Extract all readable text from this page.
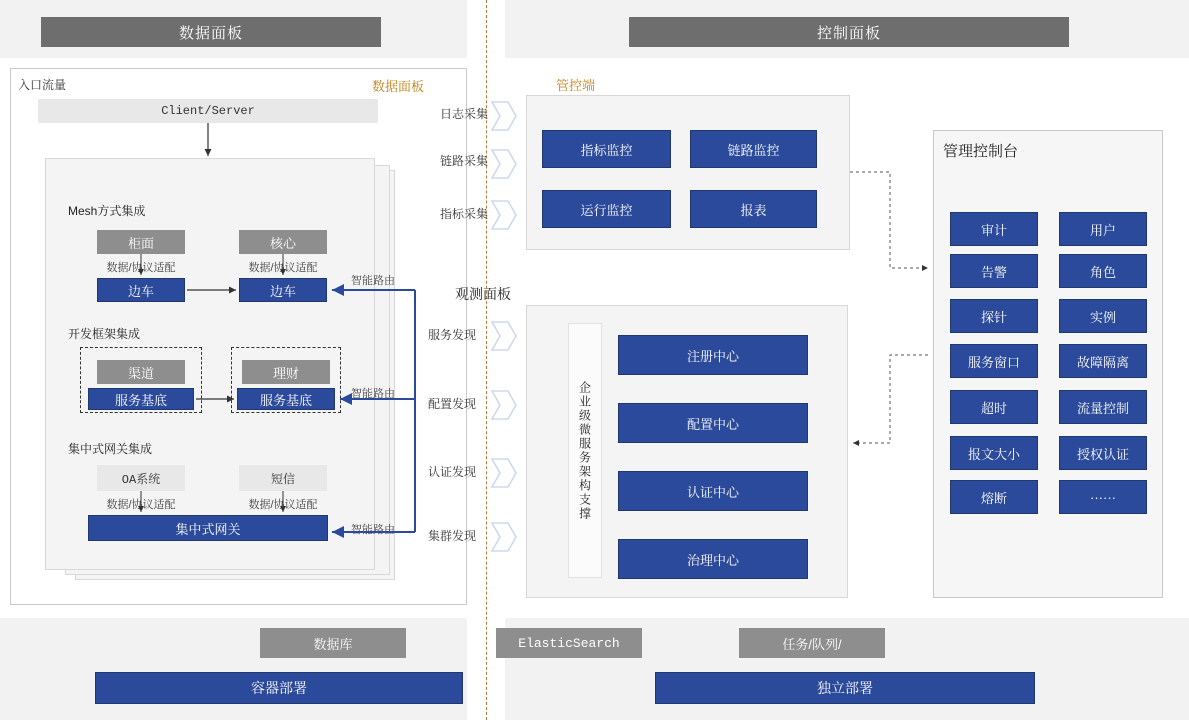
数据面板	控制面板
入口流量	数据面板
Client/Server
Mesh方式集成
柜面	核心
数据/协议适配	数据/协议适配
边车	边车
智能路由
开发框架集成
渠道	理财
服务基底	服务基底	智能路由
集中式网关集成
OA系统	短信
数据/协议适配	数据/协议适配
集中式网关	智能路由
管控端
观测面板
日志采集
链路采集
指标采集
服务发现
配置发现
认证发现
集群发现
指标监控	链路监控
运行监控	报表
企业级微服务架构支撑
注册中心
配置中心
认证中心
治理中心
管理控制台
审计	用户
告警	角色
探针	实例
服务窗口	故障隔离
超时	流量控制
报文大小	授权认证
熔断	······
数据库	ElasticSearch	任务/队列/
容器部署	独立部署
